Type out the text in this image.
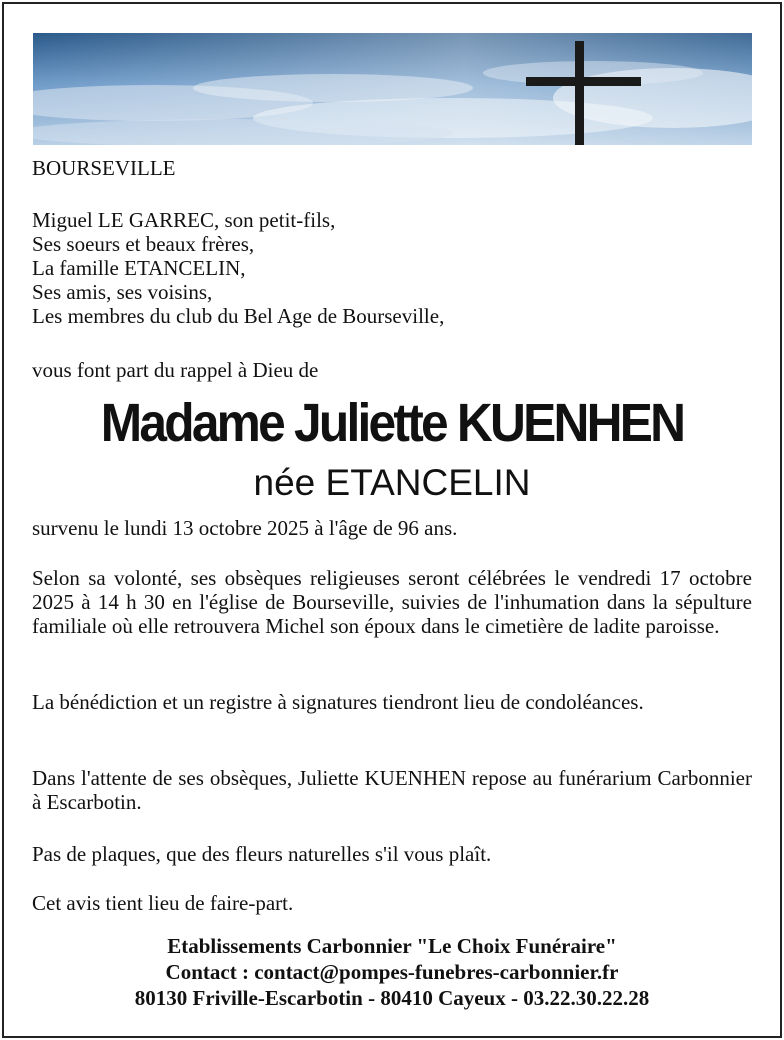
BOURSEVILLE
Miguel LE GARREC, son petit-fils,
Ses soeurs et beaux frères,
La famille ETANCELIN,
Ses amis, ses voisins,
Les membres du club du Bel Age de Bourseville,
vous font part du rappel à Dieu de
Madame Juliette KUENHEN
née ETANCELIN
survenu le lundi 13 octobre 2025 à l'âge de 96 ans.
Selon sa volonté, ses obsèques religieuses seront célébrées le vendredi 17 octobre 2025 à 14 h 30 en l'église de Bourseville, suivies de l'inhumation dans la sépulture familiale où elle retrouvera Michel son époux dans le cimetière de ladite paroisse.
La bénédiction et un registre à signatures tiendront lieu de condoléances.
Dans l'attente de ses obsèques, Juliette KUENHEN repose au funérarium Carbonnier à Escarbotin.
Pas de plaques, que des fleurs naturelles s'il vous plaît.
Cet avis tient lieu de faire-part.
Etablissements Carbonnier "Le Choix Funéraire"
Contact : contact@pompes-funebres-carbonnier.fr
80130 Friville-Escarbotin - 80410 Cayeux - 03.22.30.22.28
